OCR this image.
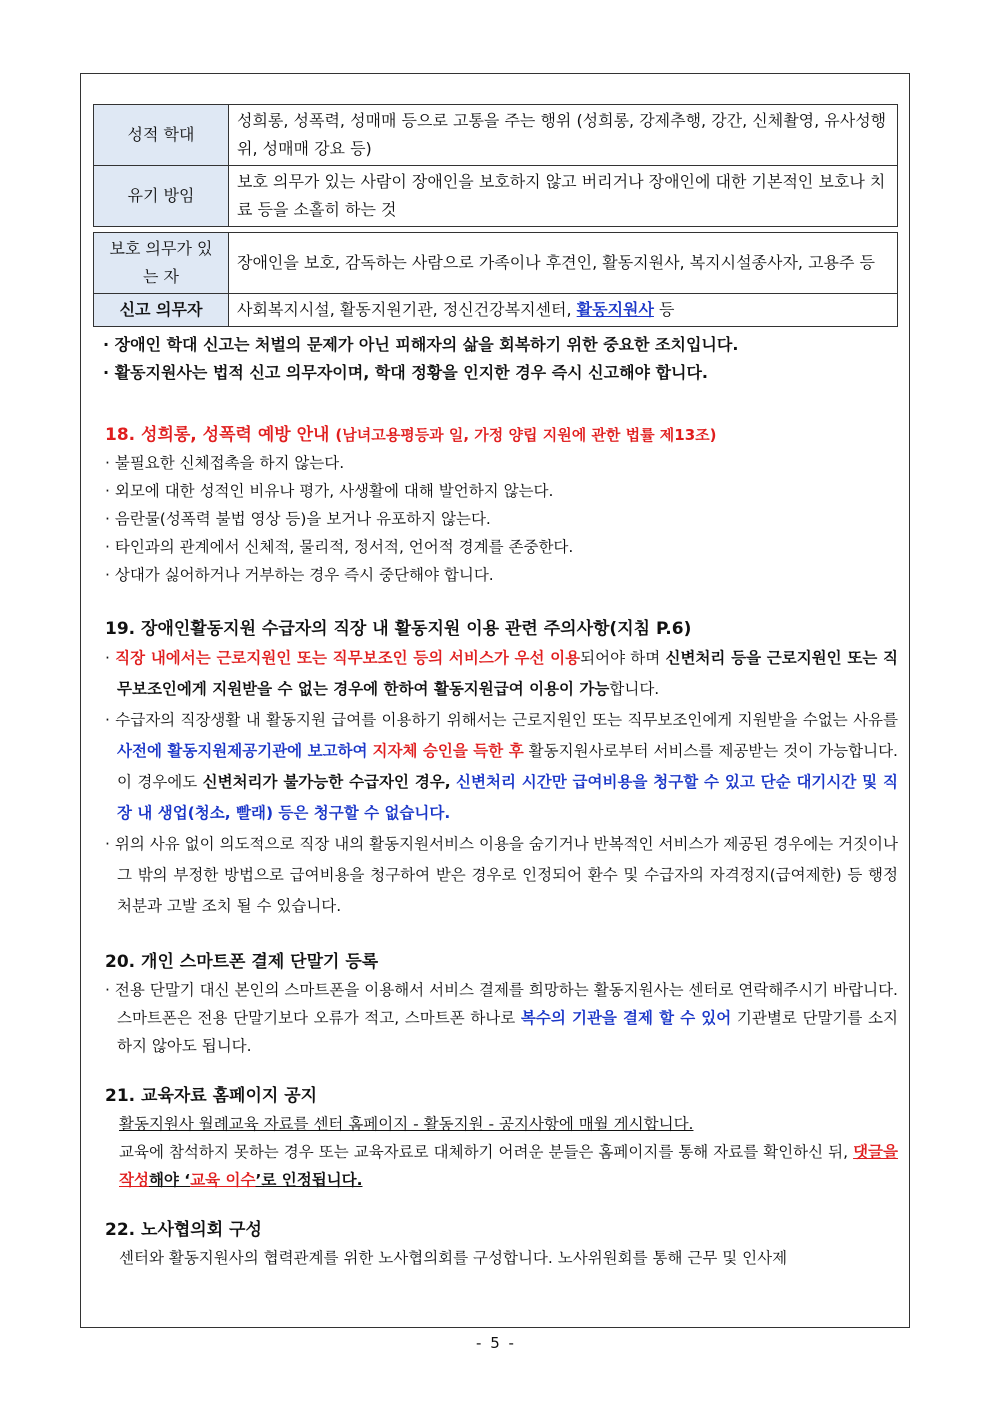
성적 학대	성희롱, 성폭력, 성매매 등으로 고통을 주는 행위 (성희롱, 강제추행, 강간, 신체촬영, 유사성행위, 성매매 강요 등)
유기 방임	보호 의무가 있는 사람이 장애인을 보호하지 않고 버리거나 장애인에 대한 기본적인 보호나 치료 등을 소홀히 하는 것
보호 의무가 있는 자	장애인을 보호, 감독하는 사람으로 가족이나 후견인, 활동지원사, 복지시설종사자, 고용주 등
신고 의무자	사회복지시설, 활동지원기관, 정신건강복지센터, 활동지원사 등
· 장애인 학대 신고는 처벌의 문제가 아닌 피해자의 삶을 회복하기 위한 중요한 조치입니다.
· 활동지원사는 법적 신고 의무자이며, 학대 정황을 인지한 경우 즉시 신고해야 합니다.
18. 성희롱, 성폭력 예방 안내 (남녀고용평등과 일, 가정 양립 지원에 관한 법률 제13조)
· 불필요한 신체접촉을 하지 않는다.
· 외모에 대한 성적인 비유나 평가, 사생활에 대해 발언하지 않는다.
· 음란물(성폭력 불법 영상 등)을 보거나 유포하지 않는다.
· 타인과의 관계에서 신체적, 물리적, 정서적, 언어적 경계를 존중한다.
· 상대가 싫어하거나 거부하는 경우 즉시 중단해야 합니다.
19. 장애인활동지원 수급자의 직장 내 활동지원 이용 관련 주의사항(지침 P.6)
· 직장 내에서는 근로지원인 또는 직무보조인 등의 서비스가 우선 이용되어야 하며 신변처리 등을 근로지원인 또는 직무보조인에게 지원받을 수 없는 경우에 한하여 활동지원급여 이용이 가능합니다.
· 수급자의 직장생활 내 활동지원 급여를 이용하기 위해서는 근로지원인 또는 직무보조인에게 지원받을 수없는 사유를 사전에 활동지원제공기관에 보고하여 지자체 승인을 득한 후 활동지원사로부터 서비스를 제공받는 것이 가능합니다. 이 경우에도 신변처리가 불가능한 수급자인 경우, 신변처리 시간만 급여비용을 청구할 수 있고 단순 대기시간 및 직장 내 생업(청소, 빨래) 등은 청구할 수 없습니다.
· 위의 사유 없이 의도적으로 직장 내의 활동지원서비스 이용을 숨기거나 반복적인 서비스가 제공된 경우에는 거짓이나 그 밖의 부정한 방법으로 급여비용을 청구하여 받은 경우로 인정되어 환수 및 수급자의 자격정지(급여제한) 등 행정처분과 고발 조치 될 수 있습니다.
20. 개인 스마트폰 결제 단말기 등록
· 전용 단말기 대신 본인의 스마트폰을 이용해서 서비스 결제를 희망하는 활동지원사는 센터로 연락해주시기 바랍니다. 스마트폰은 전용 단말기보다 오류가 적고, 스마트폰 하나로 복수의 기관을 결제 할 수 있어 기관별로 단말기를 소지하지 않아도 됩니다.
21. 교육자료 홈페이지 공지
활동지원사 월례교육 자료를 센터 홈페이지 - 활동지원 - 공지사항에 매월 게시합니다.
교육에 참석하지 못하는 경우 또는 교육자료로 대체하기 어려운 분들은 홈페이지를 통해 자료를 확인하신 뒤, 댓글을 작성해야 ‘교육 이수’로 인정됩니다.
22. 노사협의회 구성
센터와 활동지원사의 협력관계를 위한 노사협의회를 구성합니다. 노사위원회를 통해 근무 및 인사제
- 5 -
